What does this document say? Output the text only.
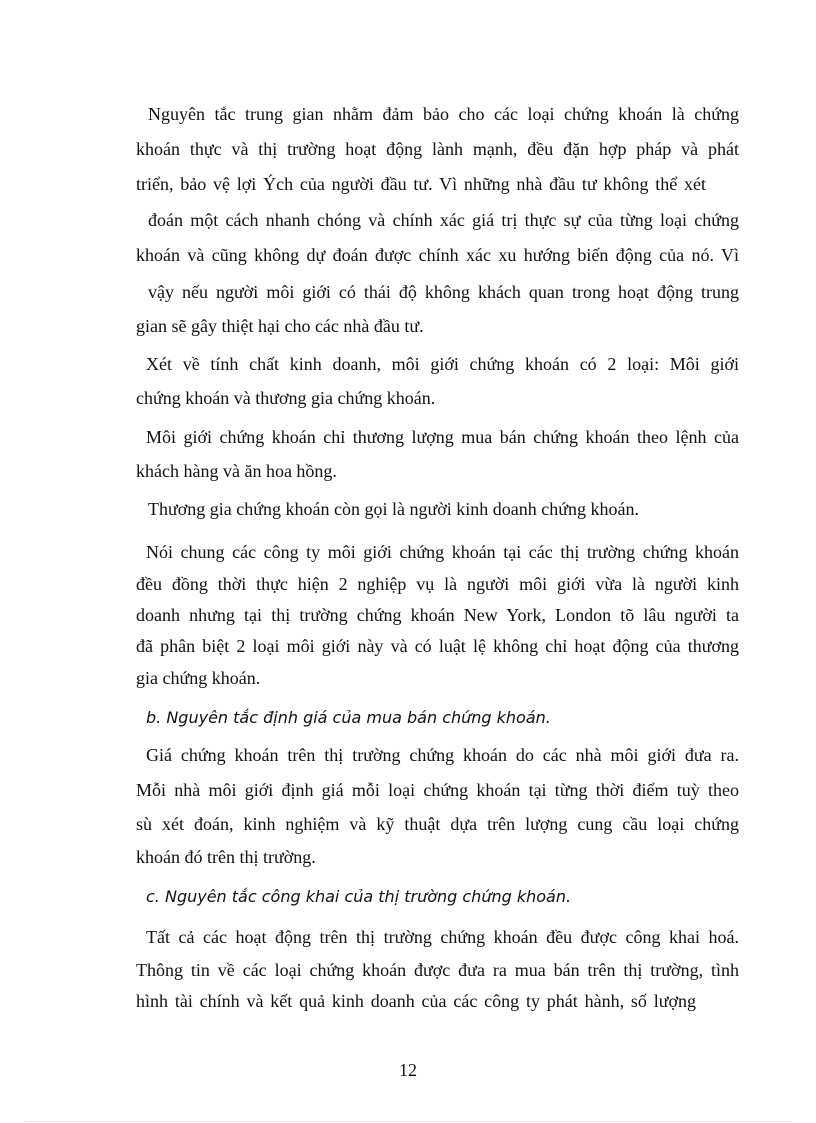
Nguyên tắc trung gian nhằm đảm bảo cho các loại chứng khoán là chứng
khoán thực và thị trường hoạt động lành mạnh, đều đặn hợp pháp và phát
triển, bảo vệ lợi Ých của người đầu tư. Vì những nhà đầu tư không thể xét
đoán một cách nhanh chóng và chính xác giá trị thực sự của từng loại chứng
khoán và cũng không dự đoán được chính xác xu hướng biến động của nó. Vì
vậy nếu người môi giới có thái độ không khách quan trong hoạt động trung
gian sẽ gây thiệt hại cho các nhà đầu tư.
Xét về tính chất kinh doanh, môi giới chứng khoán có 2 loại: Môi giới
chứng khoán và thương gia chứng khoán.
Môi giới chứng khoán chỉ thương lượng mua bán chứng khoán theo lệnh của
khách hàng và ăn hoa hồng.
Thương gia chứng khoán còn gọi là người kinh doanh chứng khoán.
Nói chung các công ty môi giới chứng khoán tại các thị trường chứng khoán
đều đồng thời thực hiện 2 nghiệp vụ là người môi giới vừa là người kinh
doanh nhưng tại thị trường chứng khoán New York, London tõ lâu người ta
đã phân biệt 2 loại môi giới này và có luật lệ không chỉ hoạt động của thương
gia chứng khoán.
b. Nguyên tắc định giá của mua bán chứng khoán.
Giá chứng khoán trên thị trường chứng khoán do các nhà môi giới đưa ra.
Mỗi nhà môi giới định giá mỗi loại chứng khoán tại từng thời điểm tuỳ theo
sù xét đoán, kinh nghiệm và kỹ thuật dựa trên lượng cung cầu loại chứng
khoán đó trên thị trường.
c. Nguyên tắc công khai của thị trường chứng khoán.
Tất cả các hoạt động trên thị trường chứng khoán đều được công khai hoá.
Thông tin về các loại chứng khoán được đưa ra mua bán trên thị trường, tình
hình tài chính và kết quả kinh doanh của các công ty phát hành, số lượng
12
